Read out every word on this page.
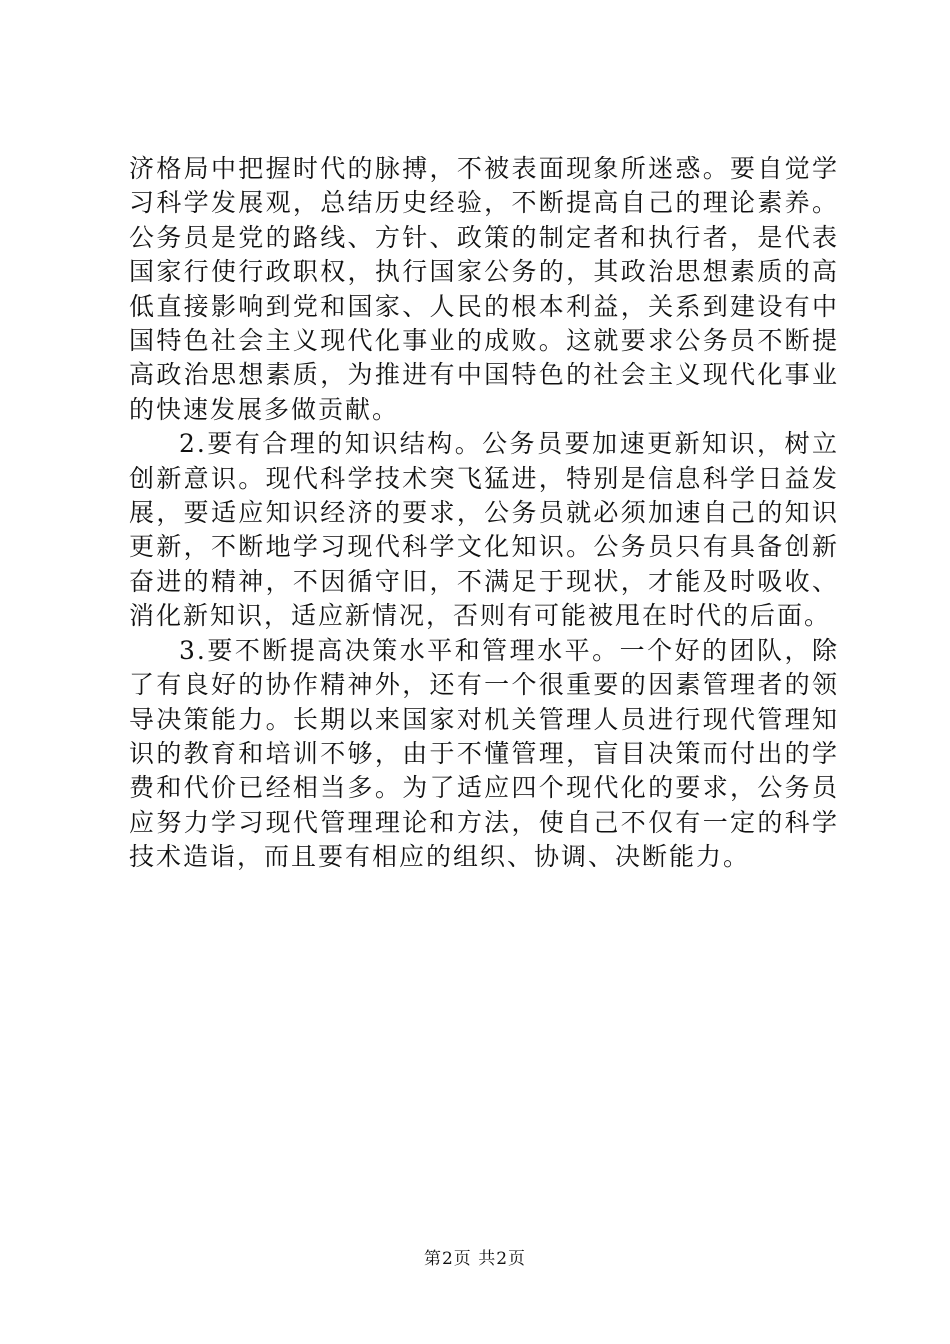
济格局中把握时代的脉搏，不被表面现象所迷惑。要自觉学习科学发展观，总结历史经验，不断提高自己的理论素养。公务员是党的路线、方针、政策的制定者和执行者，是代表国家行使行政职权，执行国家公务的，其政治思想素质的高低直接影响到党和国家、人民的根本利益，关系到建设有中国特色社会主义现代化事业的成败。这就要求公务员不断提高政治思想素质，为推进有中国特色的社会主义现代化事业的快速发展多做贡献。

2.要有合理的知识结构。公务员要加速更新知识，树立创新意识。现代科学技术突飞猛进，特别是信息科学日益发展，要适应知识经济的要求，公务员就必须加速自己的知识更新，不断地学习现代科学文化知识。公务员只有具备创新奋进的精神，不因循守旧，不满足于现状，才能及时吸收、消化新知识，适应新情况，否则有可能被甩在时代的后面。

3.要不断提高决策水平和管理水平。一个好的团队，除了有良好的协作精神外，还有一个很重要的因素管理者的领导决策能力。长期以来国家对机关管理人员进行现代管理知识的教育和培训不够，由于不懂管理，盲目决策而付出的学费和代价已经相当多。为了适应四个现代化的要求，公务员应努力学习现代管理理论和方法，使自己不仅有一定的科学技术造诣，而且要有相应的组织、协调、决断能力。

第2页 共2页
